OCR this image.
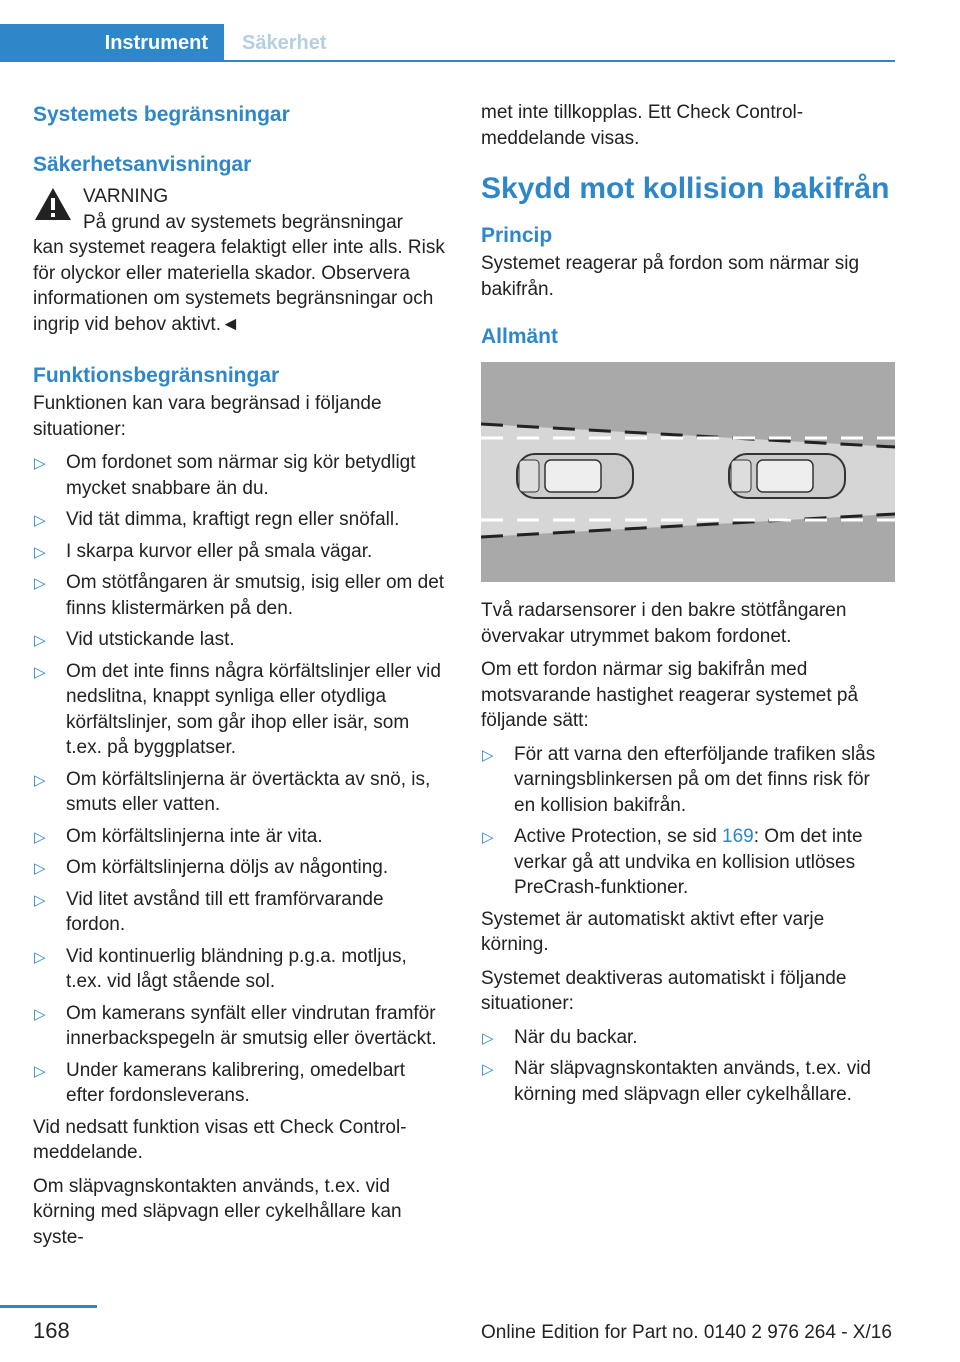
Instrument Säkerhet
Systemets begränsningar
Säkerhetsanvisningar
VARNING
På grund av systemets begränsningar
kan systemet reagera felaktigt eller inte alls. Risk för olyckor eller materiella skador. Observera informationen om systemets begränsningar och ingrip vid behov aktivt.◄
Funktionsbegränsningar

Funktionen kan vara begränsad i följande situationer:

▷ Om fordonet som närmar sig kör betydligt mycket snabbare än du.
▷ Vid tät dimma, kraftigt regn eller snöfall.
▷ I skarpa kurvor eller på smala vägar.
▷ Om stötfångaren är smutsig, isig eller om det finns klistermärken på den.
▷ Vid utstickande last.
▷ Om det inte finns några körfältslinjer eller vid nedslitna, knappt synliga eller otydliga körfältslinjer, som går ihop eller isär, som t.ex. på byggplatser.
▷ Om körfältslinjerna är övertäckta av snö, is, smuts eller vatten.
▷ Om körfältslinjerna inte är vita.
▷ Om körfältslinjerna döljs av någonting.
▷ Vid litet avstånd till ett framförvarande fordon.
▷ Vid kontinuerlig bländning p.g.a. motljus, t.ex. vid lågt stående sol.
▷ Om kamerans synfält eller vindrutan framför innerbackspegeln är smutsig eller övertäckt.
▷ Under kamerans kalibrering, omedelbart efter fordonsleverans.

Vid nedsatt funktion visas ett Check Control-meddelande.

Om släpvagnskontakten används, t.ex. vid körning med släpvagn eller cykelhållare kan syste-

met inte tillkopplas. Ett Check Control-meddelande visas.

Skydd mot kollision bakifrån
Princip

Systemet reagerar på fordon som närmar sig bakifrån.

Allmänt

Två radarsensorer i den bakre stötfångaren övervakar utrymmet bakom fordonet.

Om ett fordon närmar sig bakifrån med motsvarande hastighet reagerar systemet på följande sätt:

▷ För att varna den efterföljande trafiken slås varningsblinkersen på om det finns risk för en kollision bakifrån.
▷ Active Protection, se sid 169: Om det inte verkar gå att undvika en kollision utlöses PreCrash-funktioner.

Systemet är automatiskt aktivt efter varje körning.

Systemet deaktiveras automatiskt i följande situationer:

▷ När du backar.
▷ När släpvagnskontakten används, t.ex. vid körning med släpvagn eller cykelhållare.
168	Online Edition for Part no. 0140 2 976 264 - X/16
